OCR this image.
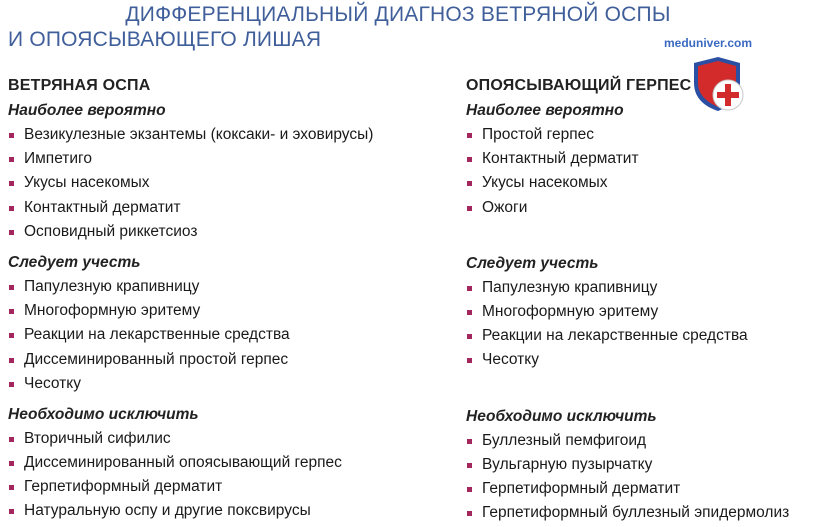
ДИФФЕРЕНЦИАЛЬНЫЙ ДИАГНОЗ ВЕТРЯНОЙ ОСПЫ
И ОПОЯСЫВАЮЩЕГО ЛИШАЯ	meduniver.com
ВЕТРЯНАЯ ОСПА
Наиболее вероятно
Везикулезные экзантемы (коксаки- и эховирусы)
Импетиго
Укусы насекомых
Контактный дерматит
Осповидный риккетсиоз
Следует учесть
Папулезную крапивницу
Многоформную эритему
Реакции на лекарственные средства
Диссеминированный простой герпес
Чесотку
Необходимо исключить
Вторичный сифилис
Диссеминированный опоясывающий герпес
Герпетиформный дерматит
Натуральную оспу и другие поксвирусы
ОПОЯСЫВАЮЩИЙ ГЕРПЕС
Наиболее вероятно
Простой герпес
Контактный дерматит
Укусы насекомых
Ожоги
Следует учесть
Папулезную крапивницу
Многоформную эритему
Реакции на лекарственные средства
Чесотку
Необходимо исключить
Буллезный пемфигоид
Вульгарную пузырчатку
Герпетиформный дерматит
Герпетиформный буллезный эпидермолиз
